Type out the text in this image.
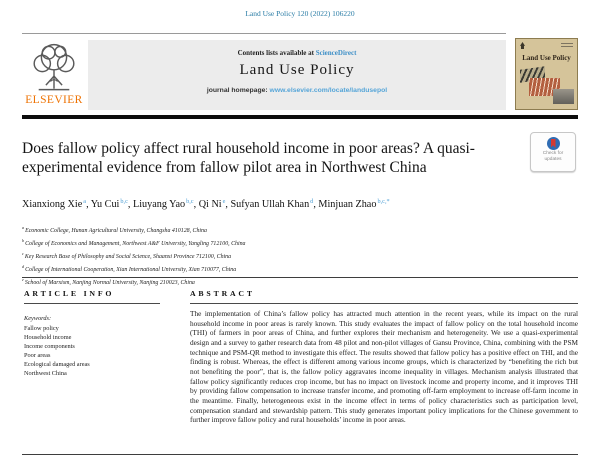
Land Use Policy 120 (2022) 106220
ELSEVIER
Contents lists available at ScienceDirect
Land Use Policy
journal homepage: www.elsevier.com/locate/landusepol
Land Use Policy
Does fallow policy affect rural household income in poor areas? A quasi-experimental evidence from fallow pilot area in Northwest China
Check for
updates
Xianxiong Xie$^a$ , Yu Cui$^{b,c}$ , Liuyang Yao$^{b,c}$ , Qi Ni$^e$ , Sufyan Ullah Khan$^d$ , Minjuan Zhao$^{b,c,*}$
$^a$Economic College, Hunan Agricultural University, Changsha 410128, China
$^b$College of Economics and Management, Northwest A&F University, Yangling 712100, China
$^c$Key Research Base of Philosophy and Social Science, Shaanxi Province 712100, China
$^d$College of International Cooperation, Xian International University, Xian 710077, China
$^e$School of Marxism, Nanjing Normal University, Nanjing 210023, China
ARTICLE INFO
Keywords:
Fallow policy
Household income
Income components
Poor areas
Ecological damaged areas
Northwest China
ABSTRACT

The implementation of China’s fallow policy has attracted much attention in the recent years, while its impact on the rural household income in poor areas is rarely known. This study evaluates the impact of fallow policy on the total household income (THI) of farmers in poor areas of China, and further explores their mechanism and heterogeneity. We use a quasi-experimental design and a survey to gather research data from 48 pilot and non-pilot villages of Gansu Province, China, combining with the PSM technique and PSM-QR method to investigate this effect. The results showed that fallow policy has a positive effect on THI, and the finding is robust. Whereas, the effect is different among various income groups, which is characterized by “benefiting the rich but not benefiting the poor”, that is, the fallow policy aggravates income inequality in villages. Mechanism analysis illustrated that fallow policy significantly reduces crop income, but has no impact on livestock income and property income, and it improves THI by providing fallow compensation to increase transfer income, and promoting off-farm employment to increase off-farm income in the meantime. Finally, heterogeneous exist in the income effect in terms of policy characteristics such as participation level, compensation standard and stewardship pattern. This study generates important policy implications for the Chinese government to further improve fallow policy and rural households’ income in poor areas.
